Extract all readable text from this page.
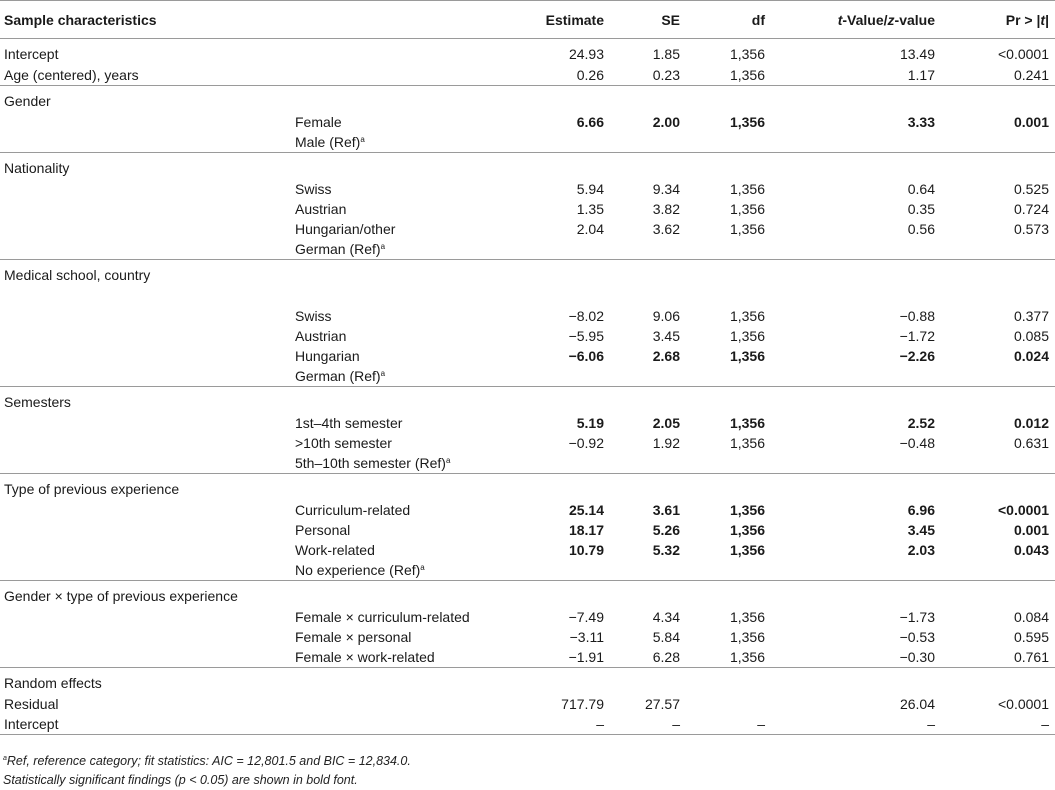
Sample characteristics		Estimate	SE	df	t-Value/z-value	Pr > |t|
Intercept		24.93	1.85	1,356	13.49	<0.0001
Age (centered), years		0.26	0.23	1,356	1.17	0.241
Gender						
	Female	6.66	2.00	1,356	3.33	0.001
	Male (Ref)$^a$					
Nationality						
	Swiss	5.94	9.34	1,356	0.64	0.525
	Austrian	1.35	3.82	1,356	0.35	0.724
	Hungarian/other	2.04	3.62	1,356	0.56	0.573
	German (Ref)$^a$					
Medical school, country						

	Swiss	−8.02	9.06	1,356	−0.88	0.377
	Austrian	−5.95	3.45	1,356	−1.72	0.085
	Hungarian	−6.06	2.68	1,356	−2.26	0.024
	German (Ref)$^a$					
Semesters						
	1st–4th semester	5.19	2.05	1,356	2.52	0.012
	>10th semester	−0.92	1.92	1,356	−0.48	0.631
	5th–10th semester (Ref)$^a$					
Type of previous experience						
	Curriculum-related	25.14	3.61	1,356	6.96	<0.0001
	Personal	18.17	5.26	1,356	3.45	0.001
	Work-related	10.79	5.32	1,356	2.03	0.043
	No experience (Ref)$^a$					
Gender × type of previous experience						
	Female × curriculum-related	−7.49	4.34	1,356	−1.73	0.084
	Female × personal	−3.11	5.84	1,356	−0.53	0.595
	Female × work-related	−1.91	6.28	1,356	−0.30	0.761
Random effects						
Residual		717.79	27.57		26.04	<0.0001
Intercept		–	–	–	–	–
$^a$Ref, reference category; fit statistics: AIC = 12,801.5 and BIC = 12,834.0.
Statistically significant findings (p < 0.05) are shown in bold font.
